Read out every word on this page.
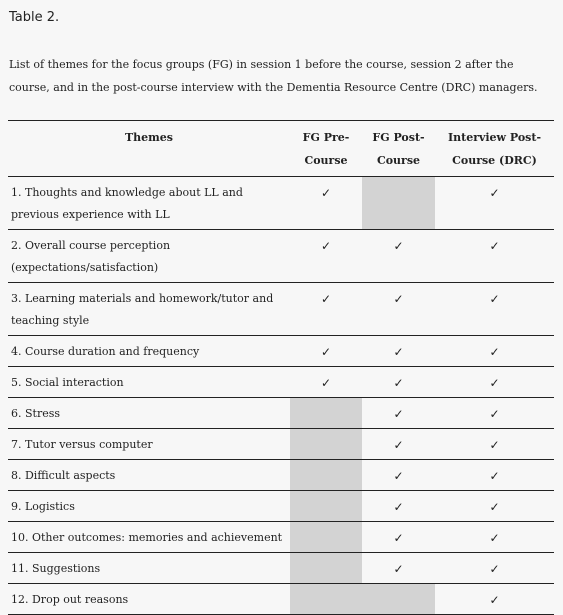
Table 2.
List of themes for the focus groups (FG) in session 1 before the course, session 2 after the course, and in the post-course interview with the Dementia Resource Centre (DRC) managers.
Themes	FG Pre-Course	FG Post-Course	Interview Post-Course (DRC)
1. Thoughts and knowledge about LL and previous experience with LL	✓		✓
2. Overall course perception (expectations/satisfaction)	✓	✓	✓
3. Learning materials and homework/tutor and teaching style	✓	✓	✓
4. Course duration and frequency	✓	✓	✓
5. Social interaction	✓	✓	✓
6. Stress		✓	✓
7. Tutor versus computer		✓	✓
8. Difficult aspects		✓	✓
9. Logistics		✓	✓
10. Other outcomes: memories and achievement		✓	✓
11. Suggestions		✓	✓
12. Drop out reasons			✓
